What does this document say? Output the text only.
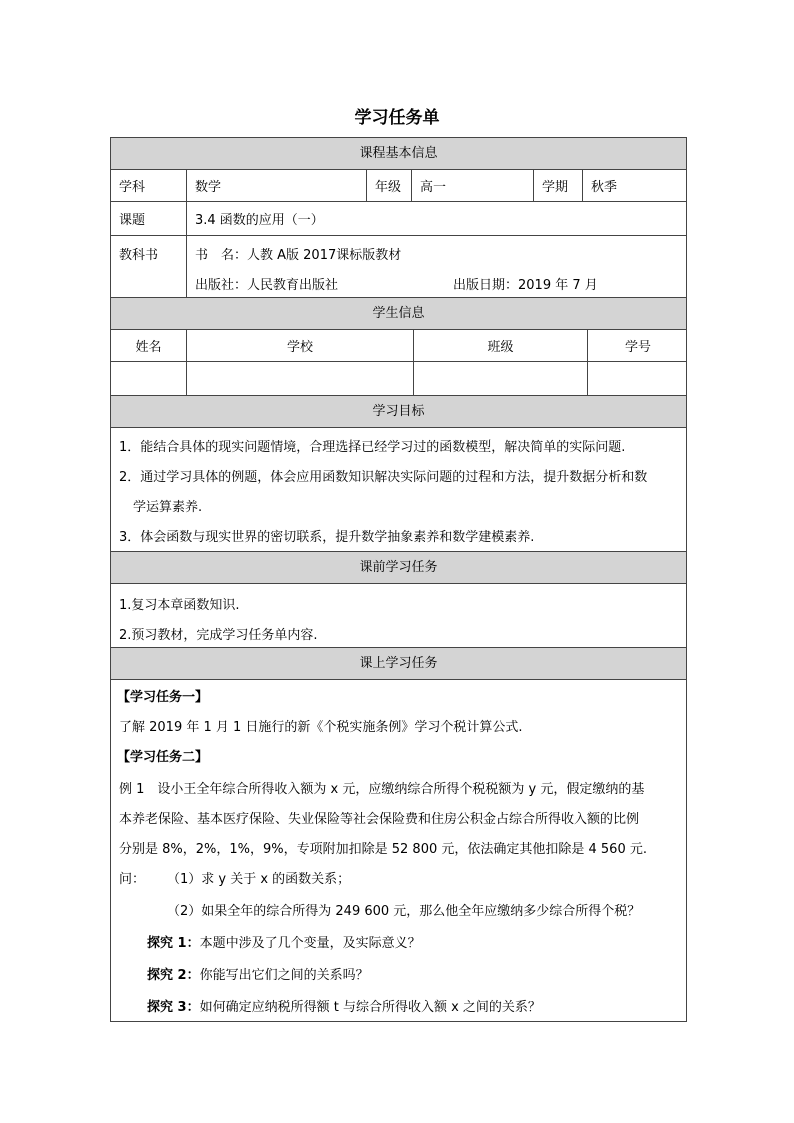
学习任务单
课程基本信息
学科	数学	年级	高一	学期	秋季
课题	3.4 函数的应用（一）
教科书	书　名：人教 A版 2017课标版教材
出版社：人民教育出版社	出版日期：2019 年 7 月
学生信息
姓名	学校	班级	学号
学习目标
1．能结合具体的现实问题情境，合理选择已经学习过的函数模型，解决简单的实际问题.
2．通过学习具体的例题，体会应用函数知识解决实际问题的过程和方法，提升数据分析和数
学运算素养.
3．体会函数与现实世界的密切联系，提升数学抽象素养和数学建模素养.
课前学习任务
1.复习本章函数知识.
2.预习教材，完成学习任务单内容.
课上学习任务
【学习任务一】
了解 2019 年 1 月 1 日施行的新《个税实施条例》学习个税计算公式.
【学习任务二】
例 1　设小王全年综合所得收入额为 x 元，应缴纳综合所得个税税额为 y 元，假定缴纳的基
本养老保险、基本医疗保险、失业保险等社会保险费和住房公积金占综合所得收入额的比例
分别是 8%，2%，1%，9%，专项附加扣除是 52 800 元，依法确定其他扣除是 4 560 元.
问： （1）求 y 关于 x 的函数关系；
（2）如果全年的综合所得为 249 600 元，那么他全年应缴纳多少综合所得个税？
探究 1：本题中涉及了几个变量，及实际意义？
探究 2：你能写出它们之间的关系吗？
探究 3：如何确定应纳税所得额 t 与综合所得收入额 x 之间的关系？
